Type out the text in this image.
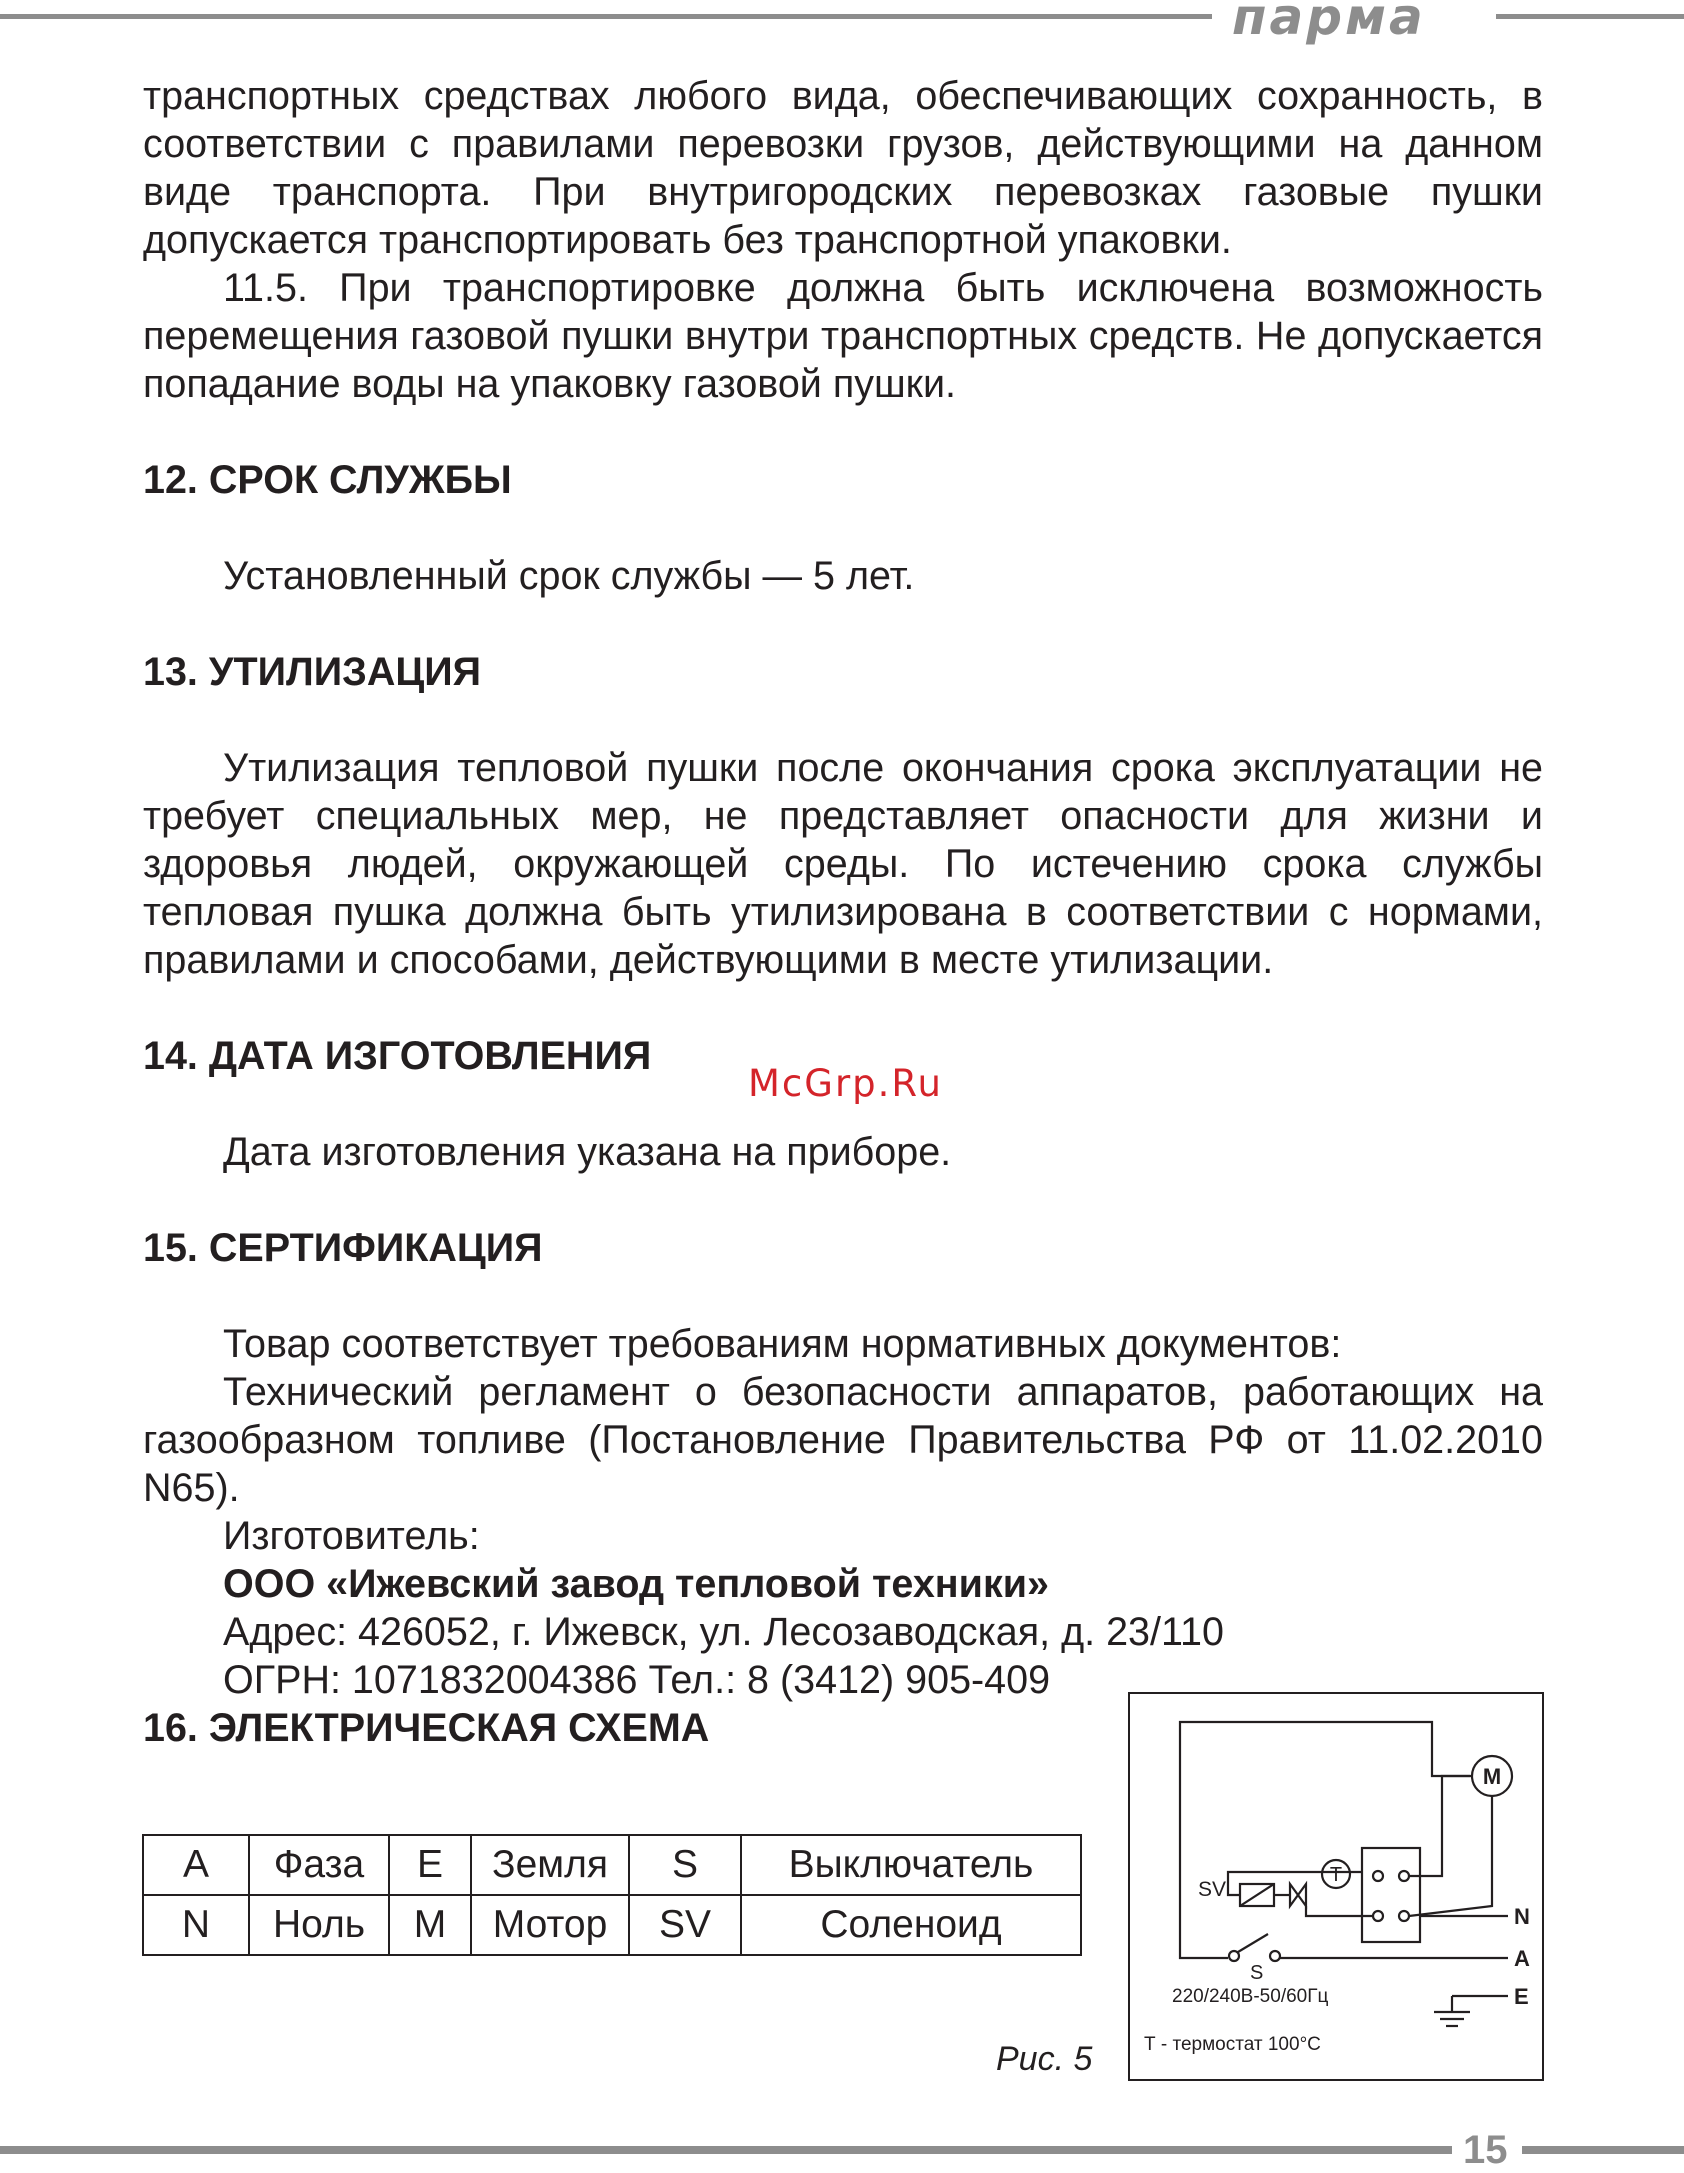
парма

транспортных средствах любого вида, обеспечивающих сохранность, в соответствии с правилами перевозки грузов, действующими на данном виде транспорта. При внутригородских перевозках газовые пушки допускается транспортировать без транспортной упаковки.

11.5. При транспортировке должна быть исключена возможность перемещения газовой пушки внутри транспортных средств. Не допускается попадание воды на упаковку газовой пушки.

12. СРОК СЛУЖБЫ

Установленный срок службы — 5 лет.

13. УТИЛИЗАЦИЯ

Утилизация тепловой пушки после окончания срока эксплуатации не требует специальных мер, не представляет опасности для жизни и здоровья людей, окружающей среды. По истечению срока службы тепловая пушка должна быть утилизирована в соответствии с нормами, правилами и способами, действующими в месте утилизации.

14. ДАТА ИЗГОТОВЛЕНИЯ
McGrp.Ru

Дата изготовления указана на приборе.

15. СЕРТИФИКАЦИЯ

Товар соответствует требованиям нормативных документов:

Технический регламент о безопасности аппаратов, работающих на газообразном топливе (Постановление Правительства РФ от 11.02.2010 N65).

Изготовитель:

ООО «Ижевский завод тепловой техники»

Адрес: 426052, г. Ижевск, ул. Лесозаводская, д. 23/110

ОГРН: 1071832004386 Тел.: 8 (3412) 905-409

16. ЭЛЕКТРИЧЕСКАЯ СХЕМА
A	Фаза	E	Земля	S	Выключатель
N	Ноль	M	Мотор	SV	Соленоид
M
T
SV
S
N
A
E
220/240В-50/60Гц
Т - термостат 100°С
Рис. 5
15
